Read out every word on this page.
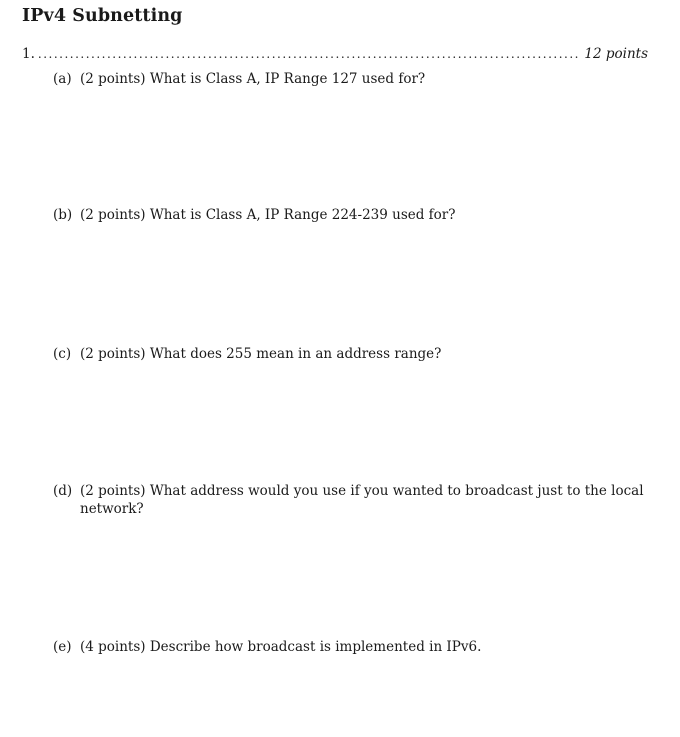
IPv4 Subnetting
1.
.....	12 points
(a) (2 points) What is Class A, IP Range 127 used for?
(b) (2 points) What is Class A, IP Range 224-239 used for?
(c) (2 points) What does 255 mean in an address range?
(d) (2 points) What address would you use if you wanted to broadcast just to the local
network?
(e) (4 points) Describe how broadcast is implemented in IPv6.
